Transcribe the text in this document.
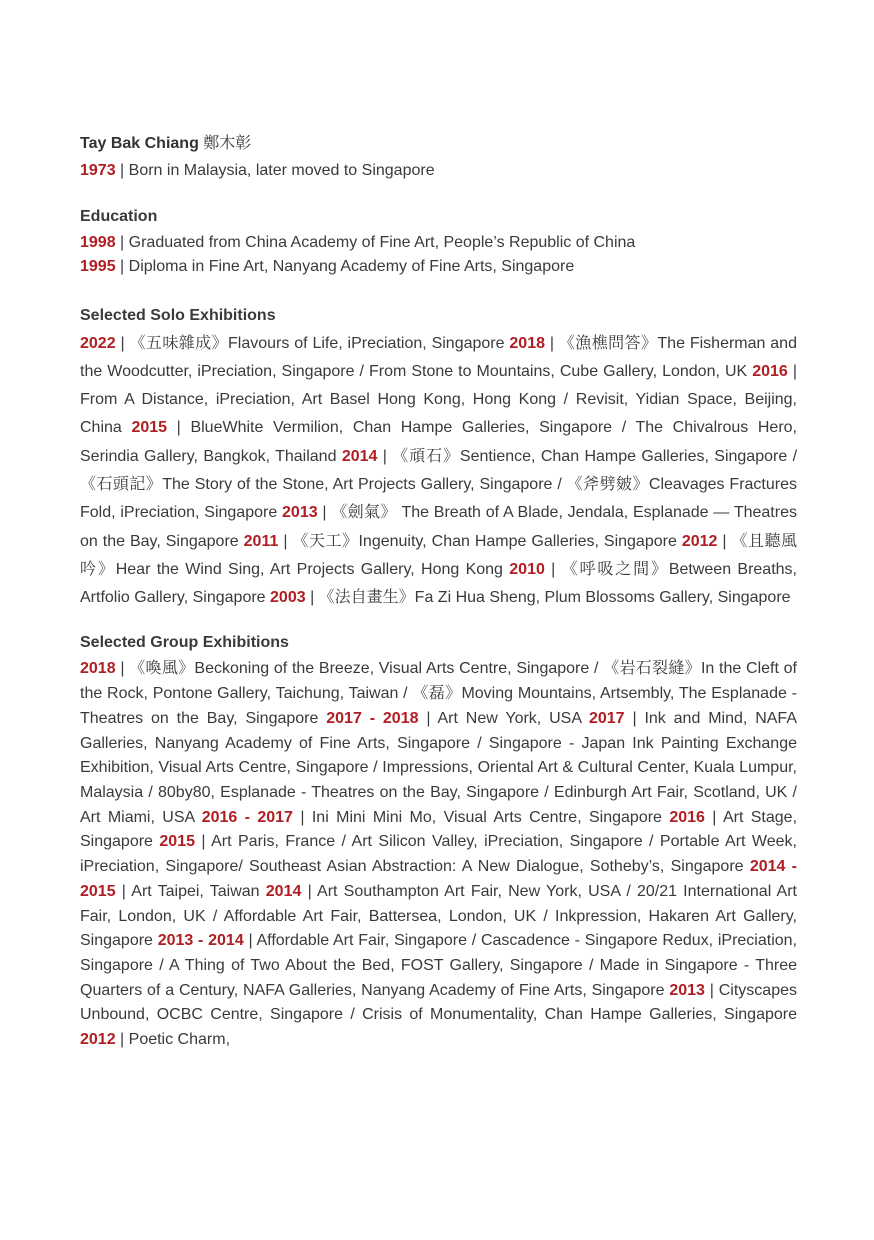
Tay Bak Chiang 鄭木彰

1973 | Born in Malaysia, later moved to Singapore

Education

1998 | Graduated from China Academy of Fine Art, People’s Republic of China

1995 | Diploma in Fine Art, Nanyang Academy of Fine Arts, Singapore

Selected Solo Exhibitions

2022 | 《五味雜成》Flavours of Life, iPreciation, Singapore 2018 | 《漁樵問答》The Fisherman and the Woodcutter, iPreciation, Singapore / From Stone to Mountains, Cube Gallery, London, UK 2016 | From A Distance, iPreciation, Art Basel Hong Kong, Hong Kong / Revisit, Yidian Space, Beijing, China 2015 | BlueWhite Vermilion, Chan Hampe Galleries, Singapore / The Chivalrous Hero, Serindia Gallery, Bangkok, Thailand 2014 | 《頑石》Sentience, Chan Hampe Galleries, Singapore / 《石頭記》The Story of the Stone, Art Projects Gallery, Singapore / 《斧劈皴》Cleavages Fractures Fold, iPreciation, Singapore 2013 | 《劍氣》 The Breath of A Blade, Jendala, Esplanade — Theatres on the Bay, Singapore 2011 | 《天工》Ingenuity, Chan Hampe Galleries, Singapore 2012 | 《且聽風吟》Hear the Wind Sing, Art Projects Gallery, Hong Kong 2010 | 《呼吸之間》Between Breaths, Artfolio Gallery, Singapore 2003 | 《法自畫生》Fa Zi Hua Sheng, Plum Blossoms Gallery, Singapore

Selected Group Exhibitions

2018 | 《喚風》Beckoning of the Breeze, Visual Arts Centre, Singapore / 《岩石裂縫》In the Cleft of the Rock, Pontone Gallery, Taichung, Taiwan / 《磊》Moving Mountains, Artsembly, The Esplanade - Theatres on the Bay, Singapore 2017 - 2018 | Art New York, USA 2017 | Ink and Mind, NAFA Galleries, Nanyang Academy of Fine Arts, Singapore / Singapore - Japan Ink Painting Exchange Exhibition, Visual Arts Centre, Singapore / Impressions, Oriental Art & Cultural Center, Kuala Lumpur, Malaysia / 80by80, Esplanade - Theatres on the Bay, Singapore / Edinburgh Art Fair, Scotland, UK / Art Miami, USA 2016 - 2017 | Ini Mini Mini Mo, Visual Arts Centre, Singapore 2016 | Art Stage, Singapore 2015 | Art Paris, France / Art Silicon Valley, iPreciation, Singapore / Portable Art Week, iPreciation, Singapore/ Southeast Asian Abstraction: A New Dialogue, Sotheby’s, Singapore 2014 - 2015 | Art Taipei, Taiwan 2014 | Art Southampton Art Fair, New York, USA / 20/21 International Art Fair, London, UK / Affordable Art Fair, Battersea, London, UK / Inkpression, Hakaren Art Gallery, Singapore 2013 - 2014 | Affordable Art Fair, Singapore / Cascadence - Singapore Redux, iPreciation, Singapore / A Thing of Two About the Bed, FOST Gallery, Singapore / Made in Singapore - Three Quarters of a Century, NAFA Galleries, Nanyang Academy of Fine Arts, Singapore 2013 | Cityscapes Unbound, OCBC Centre, Singapore / Crisis of Monumentality, Chan Hampe Galleries, Singapore 2012 | Poetic Charm,
